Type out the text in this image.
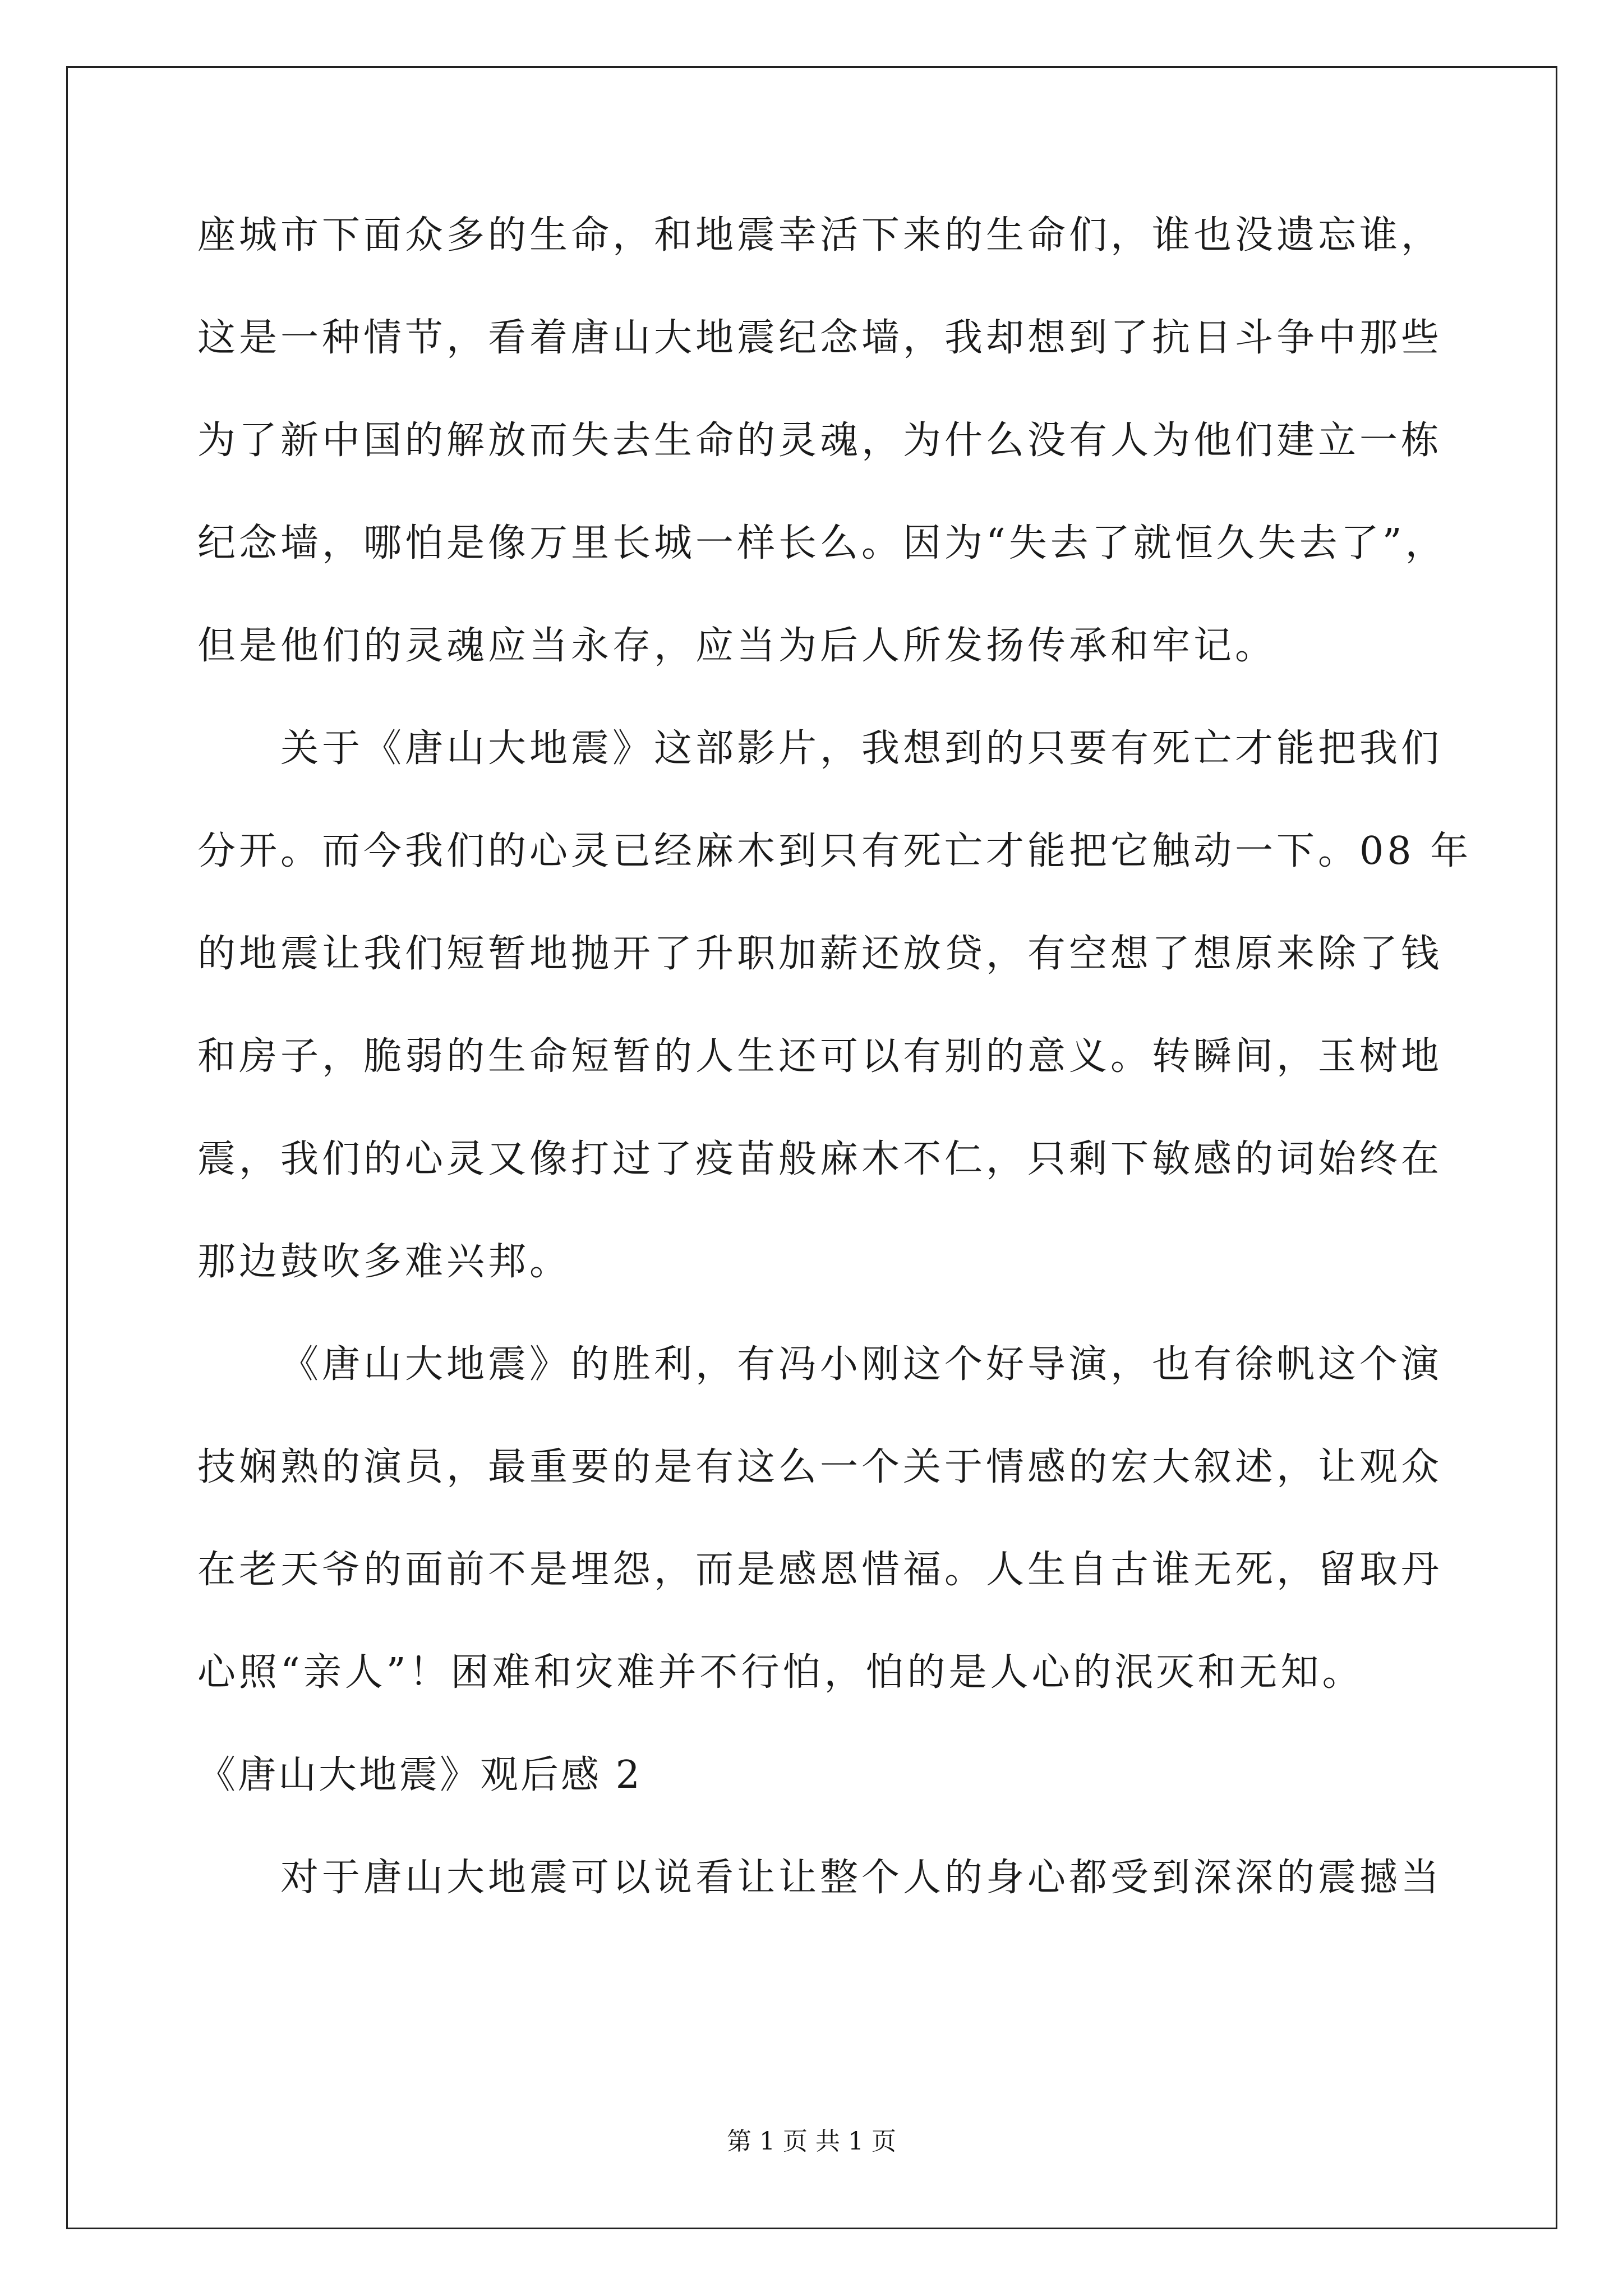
座城市下面众多的生命，和地震幸活下来的生命们，谁也没遗忘谁，
这是一种情节，看着唐山大地震纪念墙，我却想到了抗日斗争中那些
为了新中国的解放而失去生命的灵魂，为什么没有人为他们建立一栋
纪念墙，哪怕是像万里长城一样长么。因为“失去了就恒久失去了”，
但是他们的灵魂应当永存，应当为后人所发扬传承和牢记。
关于《唐山大地震》这部影片，我想到的只要有死亡才能把我们
分开。而今我们的心灵已经麻木到只有死亡才能把它触动一下。08 年
的地震让我们短暂地抛开了升职加薪还放贷，有空想了想原来除了钱
和房子，脆弱的生命短暂的人生还可以有别的意义。转瞬间，玉树地
震，我们的心灵又像打过了疫苗般麻木不仁，只剩下敏感的词始终在
那边鼓吹多难兴邦。
《唐山大地震》的胜利，有冯小刚这个好导演，也有徐帆这个演
技娴熟的演员，最重要的是有这么一个关于情感的宏大叙述，让观众
在老天爷的面前不是埋怨，而是感恩惜福。人生自古谁无死，留取丹
心照“亲人”！困难和灾难并不行怕，怕的是人心的泯灭和无知。
《唐山大地震》观后感 2
对于唐山大地震可以说看让让整个人的身心都受到深深的震撼当
第 1 页 共 1 页
